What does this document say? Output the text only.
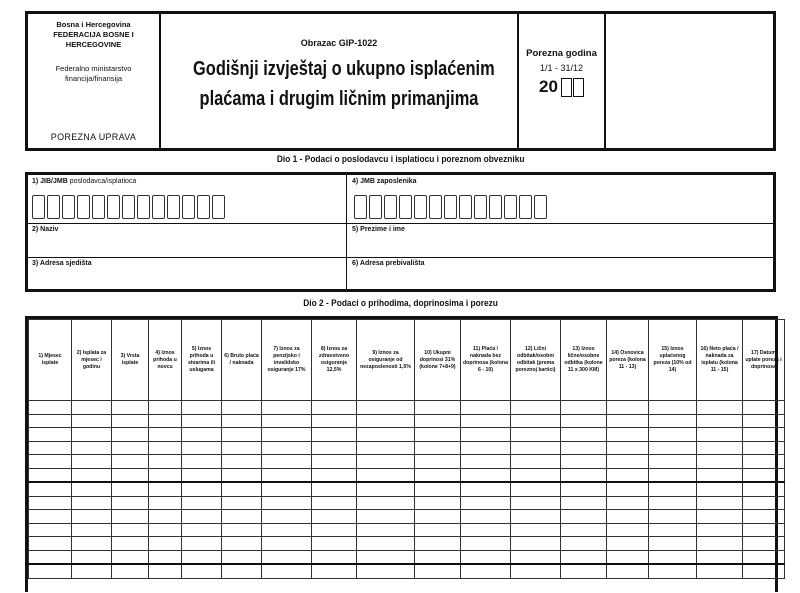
Bosna i Hercegovina
FEDERACIJA BOSNE I
HERCEGOVINE
Federalno ministarstvo
financija/finansija
POREZNA UPRAVA
Obrazac GIP-1022
Godišnji izvještaj o ukupno isplaćenim
plaćama i drugim ličnim primanjima
Porezna godina
1/1 - 31/12
20
Dio 1 - Podaci o poslodavcu i isplatiocu i poreznom obvezniku
1) JIB/JMB poslodavca/isplatioca	4) JMB zaposlenika
2) Naziv	5) Prezime i ime
3) Adresa sjedišta	6) Adresa prebivališta
Dio 2 - Podaci o prihodima, doprinosima i porezu
1) Mjesec isplate	2) Isplata za mjesec i godinu	3) Vrsta isplate	4) Iznos prihoda u novcu	5) Iznos prihoda u stvarima ili uslugama	6) Bruto plaća / naknada	7) Iznos za penzijsko i invalidsko osiguranje 17%	8) Iznos za zdravstveno osiguranje 12,5%	9) Iznos za osiguranje od nezaposlenosti 1,5%	10) Ukupni doprinosi 31% (kolone 7+8+9)	11) Plaća / naknada bez doprinosa (kolona 6 - 10)	12) Lični odbitak/osobni odbitak (prema poreznoj kartici)	13) Iznos lične/osobne odbitka (kolone 11 x 300 KM)	14) Osnovica poreza (kolona 11 - 13)	15) Iznos uplaćenog poreza (10% od 14)	16) Neto plaća / naknada za isplatu (kolona 11 - 15)	17) Datum uplate poreza i doprinosa
